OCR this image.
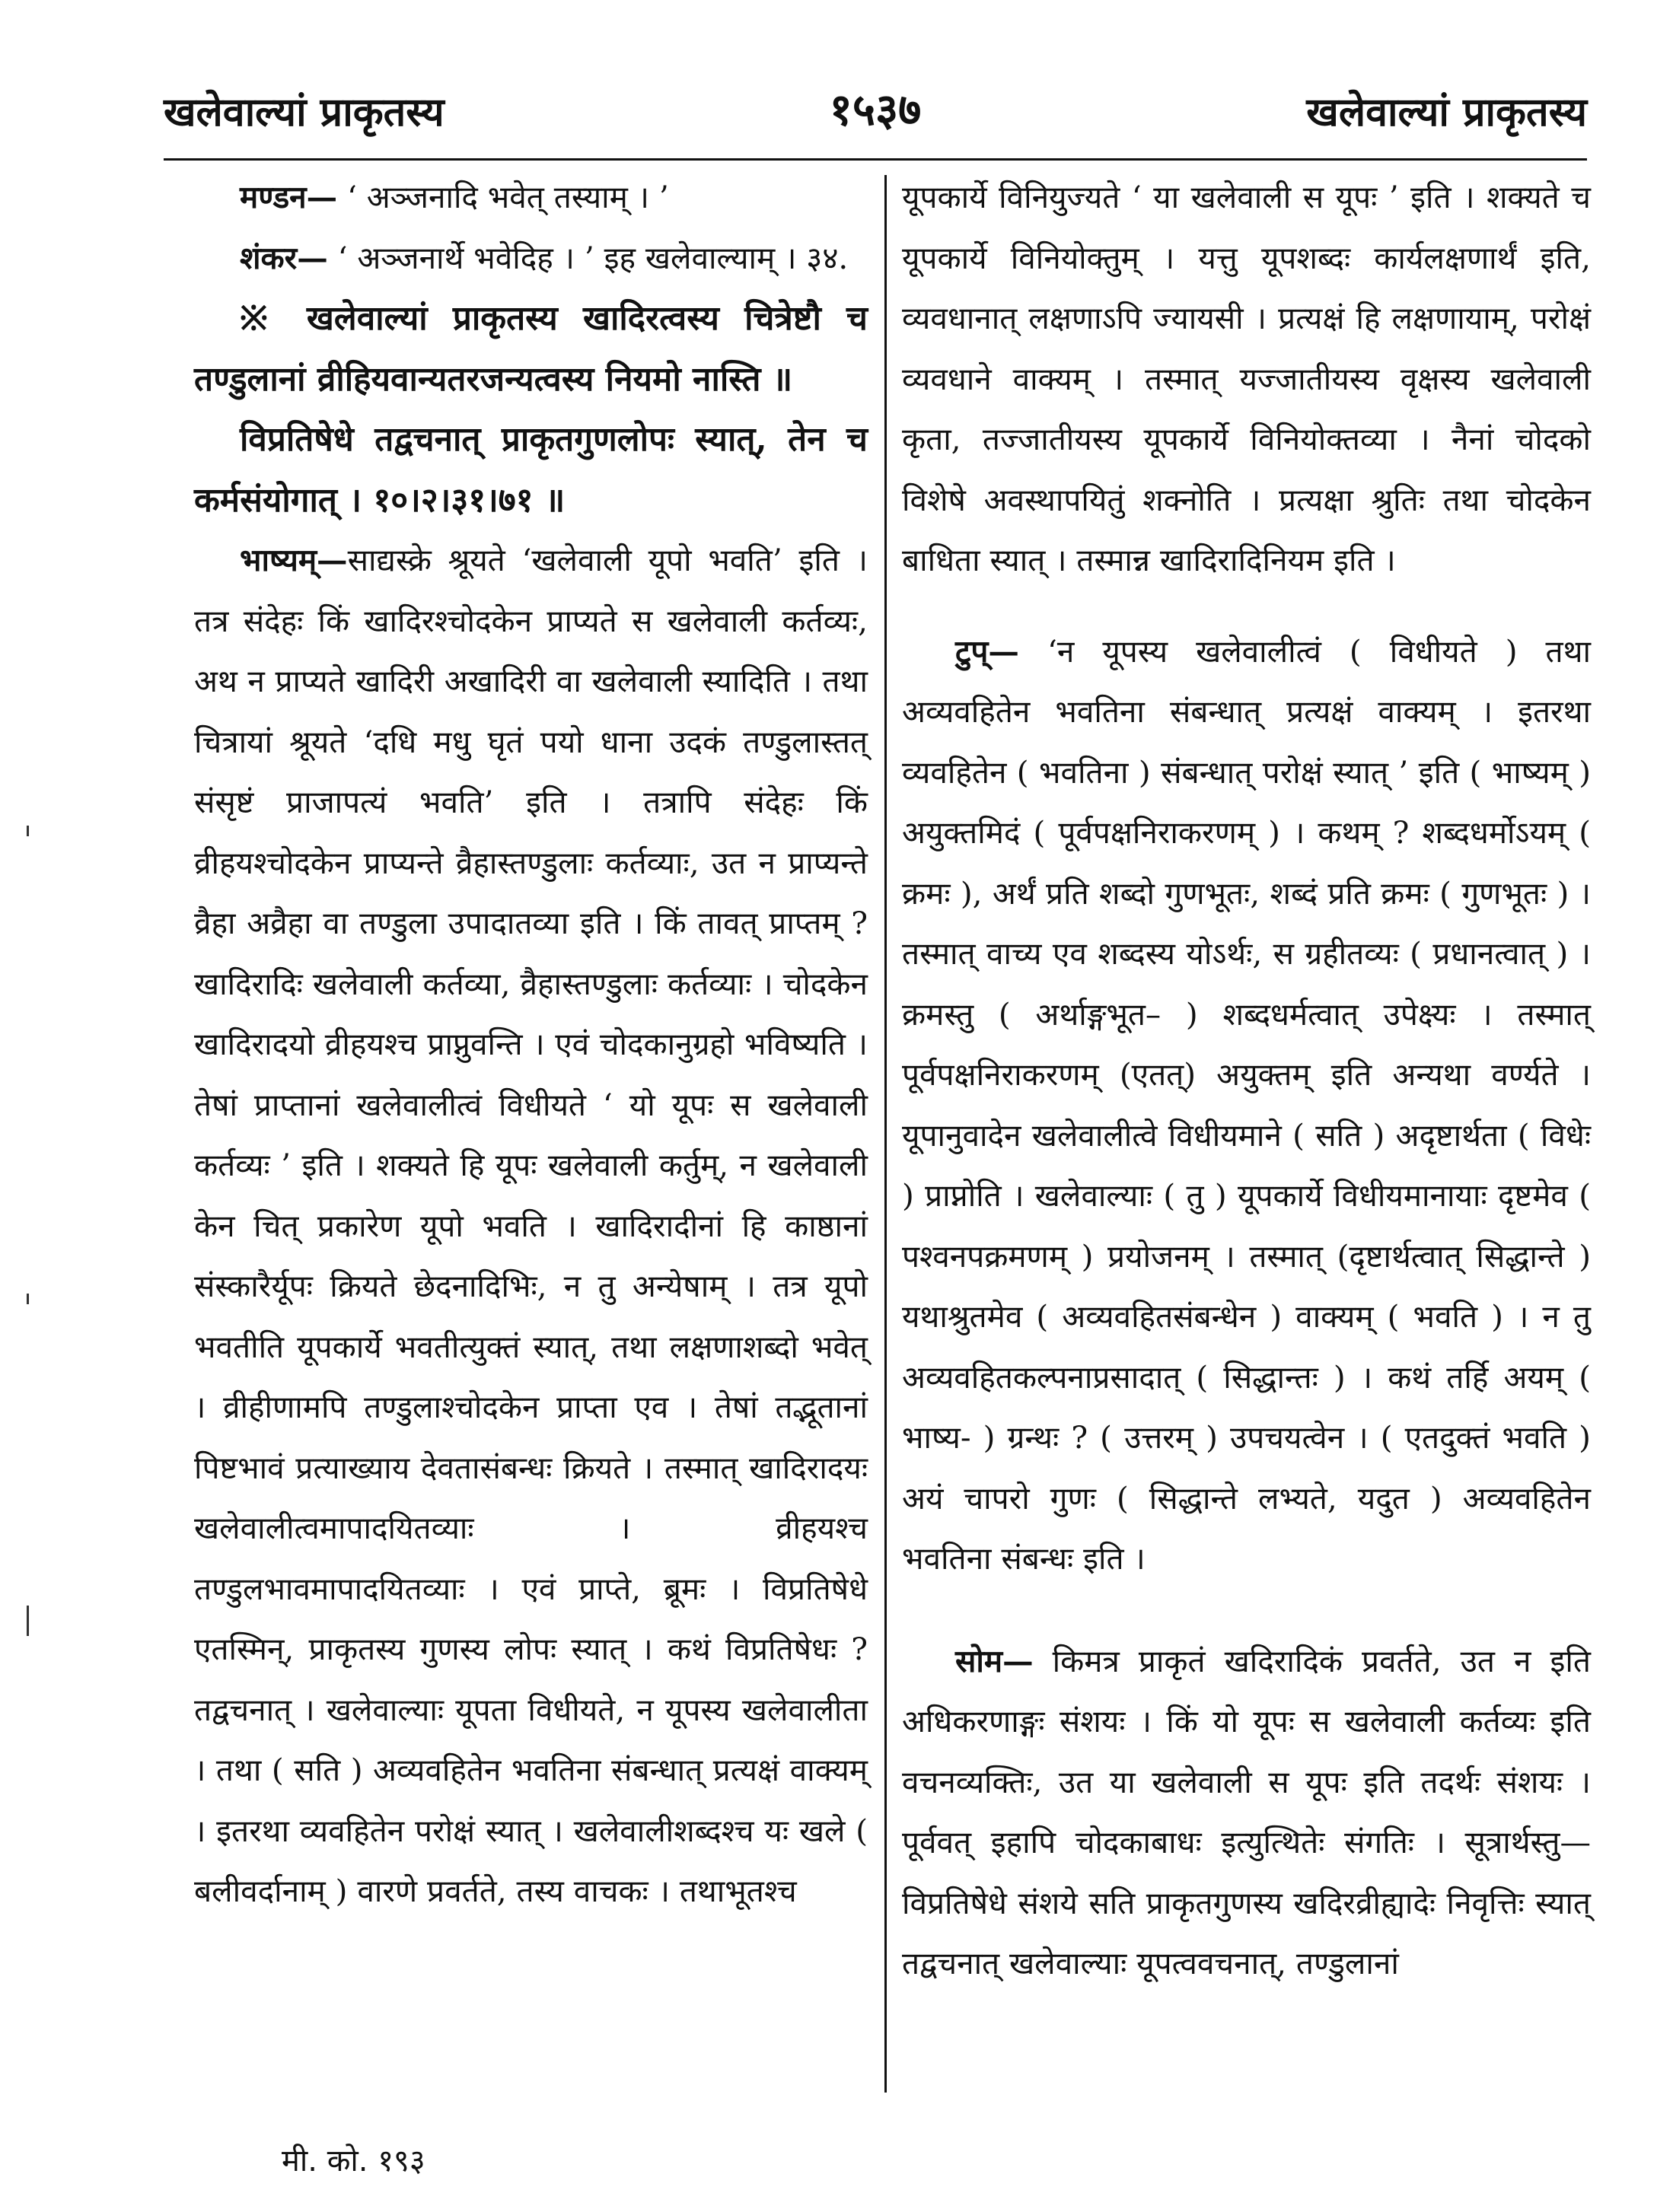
खलेवाल्यां प्राकृतस्य	१५३७	खलेवाल्यां प्राकृतस्य

मण्डन— ‘ अञ्जनादि भवेत् तस्याम् । ’

शंकर— ‘ अञ्जनार्थे भवेदिह । ’ इह खलेवाल्याम् । ३४.

※ खलेवाल्यां प्राकृतस्य खादिरत्वस्य चित्रेष्टौ च तण्डुलानां व्रीहियवान्यतरजन्यत्वस्य नियमो नास्ति ॥

विप्रतिषेधे तद्वचनात् प्राकृतगुणलोपः स्यात्, तेन च कर्मसंयोगात् । १०।२।३१।७१ ॥

भाष्यम्—साद्यस्क्रे श्रूयते ‘खलेवाली यूपो भवति’ इति । तत्र संदेहः किं खादिरश्चोदकेन प्राप्यते स खलेवाली कर्तव्यः, अथ न प्राप्यते खादिरी अखादिरी वा खलेवाली स्यादिति । तथा चित्रायां श्रूयते ‘दधि मधु घृतं पयो धाना उदकं तण्डुलास्तत् संसृष्टं प्राजापत्यं भवति’ इति । तत्रापि संदेहः किं व्रीहयश्चोदकेन प्राप्यन्ते व्रैहास्तण्डुलाः कर्तव्याः, उत न प्राप्यन्ते व्रैहा अव्रैहा वा तण्डुला उपादातव्या इति । किं तावत् प्राप्तम् ? खादिरादिः खलेवाली कर्तव्या, व्रैहास्तण्डुलाः कर्तव्याः । चोदकेन खादिरादयो व्रीहयश्च प्राप्नुवन्ति । एवं चोदकानुग्रहो भविष्यति । तेषां प्राप्तानां खलेवालीत्वं विधीयते ‘ यो यूपः स खलेवाली कर्तव्यः ’ इति । शक्यते हि यूपः खलेवाली कर्तुम्, न खलेवाली केन चित् प्रकारेण यूपो भवति । खादिरादीनां हि काष्ठानां संस्कारैर्यूपः क्रियते छेदनादिभिः, न तु अन्येषाम् । तत्र यूपो भवतीति यूपकार्ये भवतीत्युक्तं स्यात्, तथा लक्षणाशब्दो भवेत् । व्रीहीणामपि तण्डुलाश्चोदकेन प्राप्ता एव । तेषां तद्भूतानां पिष्टभावं प्रत्याख्याय देवतासंबन्धः क्रियते । तस्मात् खादिरादयः खलेवालीत्वमापादयितव्याः । व्रीहयश्च तण्डुलभावमापादयितव्याः । एवं प्राप्ते, ब्रूमः । विप्रतिषेधे एतस्मिन्, प्राकृतस्य गुणस्य लोपः स्यात् । कथं विप्रतिषेधः ? तद्वचनात् । खलेवाल्याः यूपता विधीयते, न यूपस्य खलेवालीता । तथा ( सति ) अव्यवहितेन भवतिना संबन्धात् प्रत्यक्षं वाक्यम् । इतरथा व्यवहितेन परोक्षं स्यात् । खलेवालीशब्दश्च यः खले ( बलीवर्दानाम् ) वारणे प्रवर्तते, तस्य वाचकः । तथाभूतश्च

यूपकार्ये विनियुज्यते ‘ या खलेवाली स यूपः ’ इति । शक्यते च यूपकार्ये विनियोक्तुम् । यत्तु यूपशब्दः कार्यलक्षणार्थं इति, व्यवधानात् लक्षणाऽपि ज्यायसी । प्रत्यक्षं हि लक्षणायाम्, परोक्षं व्यवधाने वाक्यम् । तस्मात् यज्जातीयस्य वृक्षस्य खलेवाली कृता, तज्जातीयस्य यूपकार्ये विनियोक्तव्या । नैनां चोदको विशेषे अवस्थापयितुं शक्नोति । प्रत्यक्षा श्रुतिः तथा चोदकेन बाधिता स्यात् । तस्मान्न खादिरादिनियम इति ।

टुप्— ‘न यूपस्य खलेवालीत्वं ( विधीयते ) तथा अव्यवहितेन भवतिना संबन्धात् प्रत्यक्षं वाक्यम् । इतरथा व्यवहितेन ( भवतिना ) संबन्धात् परोक्षं स्यात् ’ इति ( भाष्यम् ) अयुक्तमिदं ( पूर्वपक्षनिराकरणम् ) । कथम् ? शब्दधर्मोऽयम् ( क्रमः ), अर्थं प्रति शब्दो गुणभूतः, शब्दं प्रति क्रमः ( गुणभूतः ) । तस्मात् वाच्य एव शब्दस्य योऽर्थः, स ग्रहीतव्यः ( प्रधानत्वात् ) । क्रमस्तु ( अर्थाङ्गभूत– ) शब्दधर्मत्वात् उपेक्ष्यः । तस्मात् पूर्वपक्षनिराकरणम् (एतत्) अयुक्तम् इति अन्यथा वर्ण्यते । यूपानुवादेन खलेवालीत्वे विधीयमाने ( सति ) अदृष्टार्थता ( विधेः ) प्राप्नोति । खलेवाल्याः ( तु ) यूपकार्ये विधीयमानायाः दृष्टमेव ( पश्वनपक्रमणम् ) प्रयोजनम् । तस्मात् (दृष्टार्थत्वात् सिद्धान्ते ) यथाश्रुतमेव ( अव्यवहितसंबन्धेन ) वाक्यम् ( भवति ) । न तु अव्यवहितकल्पनाप्रसादात् ( सिद्धान्तः ) । कथं तर्हि अयम् ( भाष्य- ) ग्रन्थः ? ( उत्तरम् ) उपचयत्वेन । ( एतदुक्तं भवति ) अयं चापरो गुणः ( सिद्धान्ते लभ्यते, यदुत ) अव्यवहितेन भवतिना संबन्धः इति ।

सोम— किमत्र प्राकृतं खदिरादिकं प्रवर्तते, उत न इति अधिकरणाङ्गः संशयः । किं यो यूपः स खलेवाली कर्तव्यः इति वचनव्यक्तिः, उत या खलेवाली स यूपः इति तदर्थः संशयः । पूर्ववत् इहापि चोदकाबाधः इत्युत्थितेः संगतिः । सूत्रार्थस्तु— विप्रतिषेधे संशये सति प्राकृतगुणस्य खदिरव्रीह्यादेः निवृत्तिः स्यात् तद्वचनात् खलेवाल्याः यूपत्ववचनात्, तण्डुलानां

मी. को. १९३
